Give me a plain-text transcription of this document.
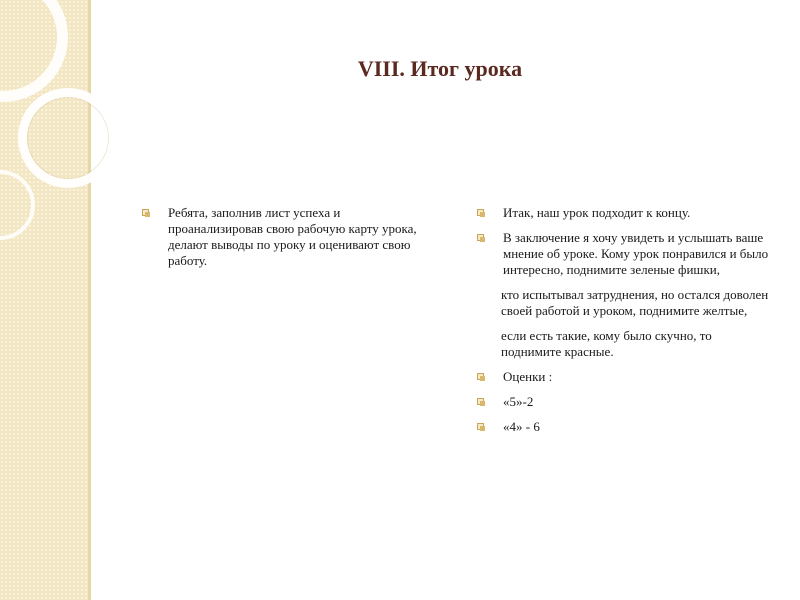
VIII. Итог урока
Ребята, заполнив лист успеха и проанализировав свою рабочую карту урока, делают выводы по уроку и оценивают свою работу.
Итак, наш урок подходит к концу.
В заключение я хочу увидеть и услышать ваше мнение об уроке. Кому урок понравился и было интересно, поднимите зеленые фишки,
кто испытывал затруднения, но остался доволен своей работой и уроком, поднимите желтые,
если есть такие, кому было скучно, то поднимите красные.
Оценки :
«5»-2
«4» - 6
